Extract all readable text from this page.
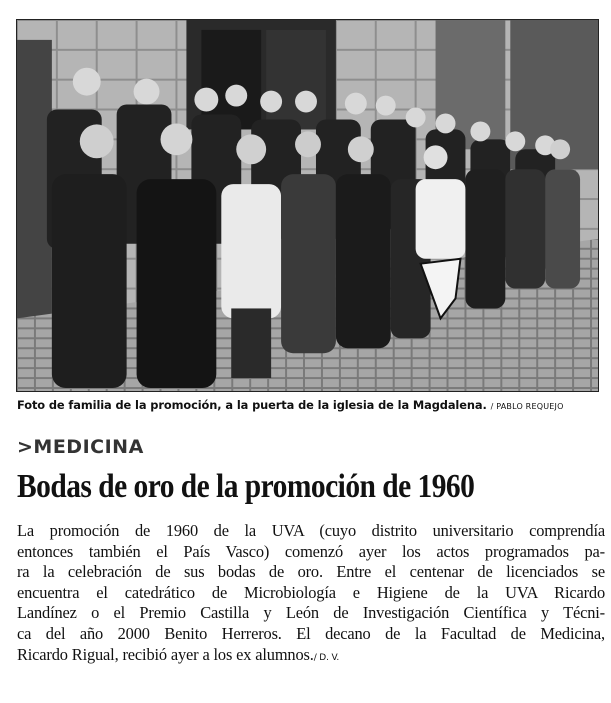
Foto de familia de la promoción, a la puerta de la iglesia de la Magdalena. / PABLO REQUEJO
>MEDICINA
Bodas de oro de la promoción de 1960
La promoción de 1960 de la UVA (cuyo distrito universitario comprendía
entonces también el País Vasco) comenzó ayer los actos programados pa-
ra la celebración de sus bodas de oro. Entre el centenar de licenciados se
encuentra el catedrático de Microbiología e Higiene de la UVA Ricardo
Landínez o el Premio Castilla y León de Investigación Científica y Técni-
ca del año 2000 Benito Herreros. El decano de la Facultad de Medicina,
Ricardo Rigual, recibió ayer a los ex alumnos./ D. V.
